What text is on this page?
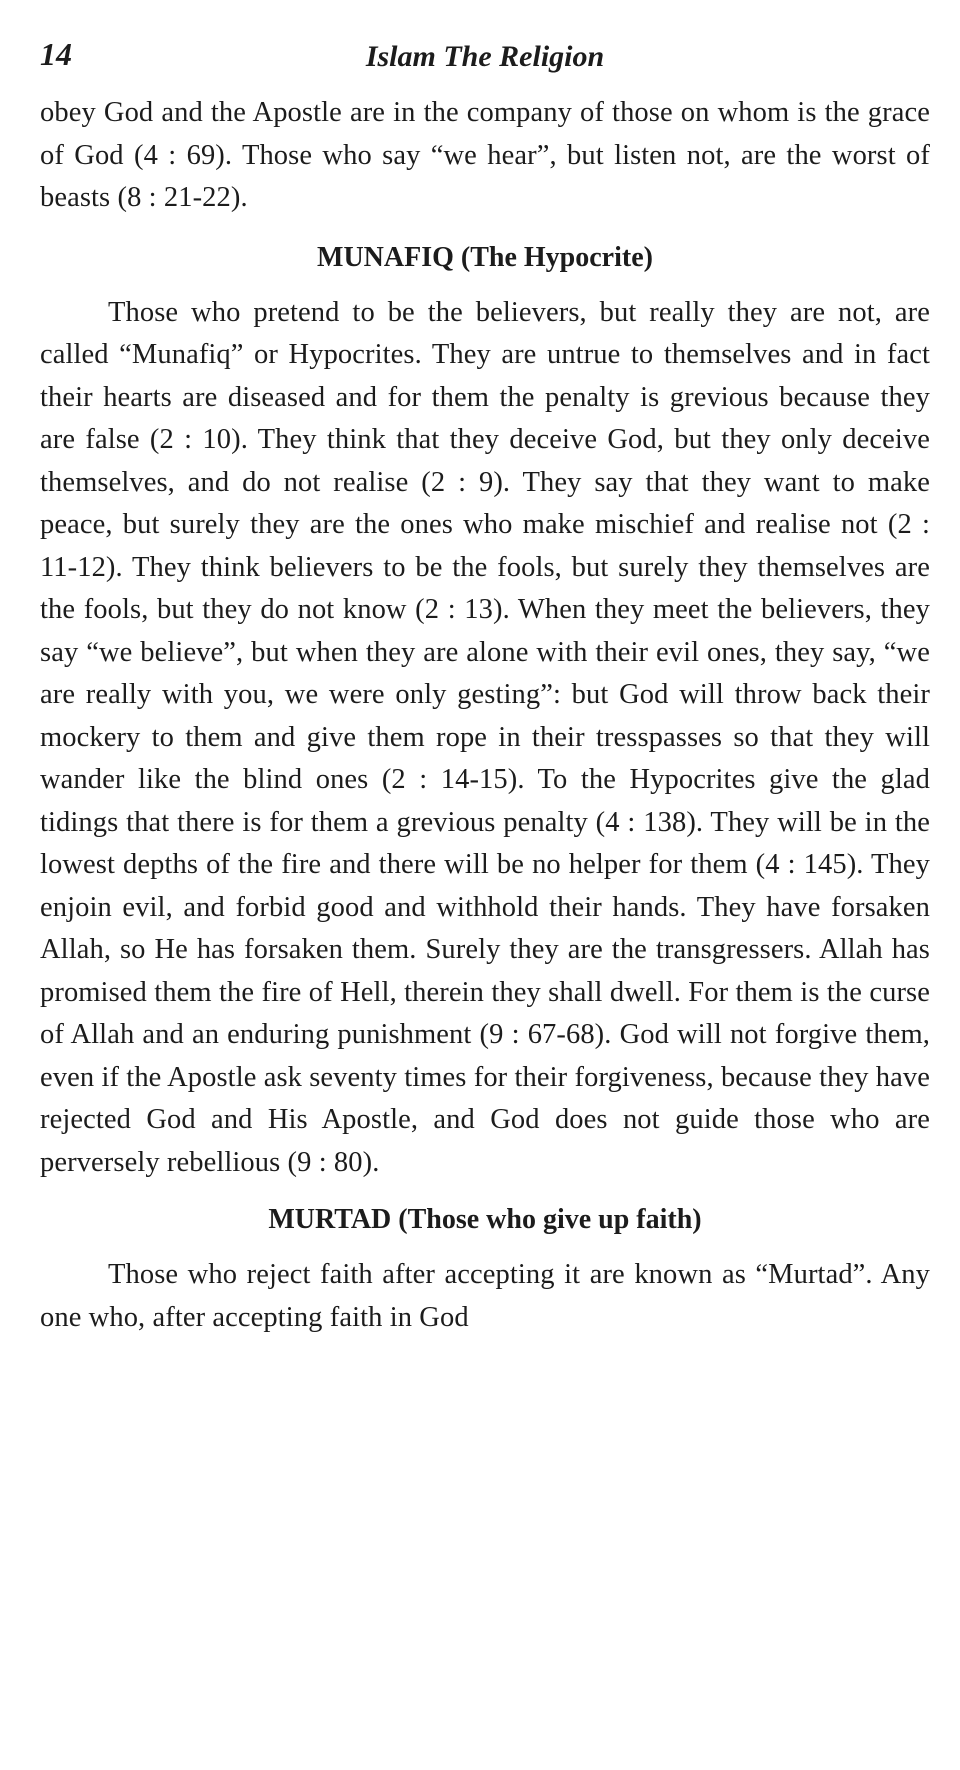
14	Islam The Religion

obey God and the Apostle are in the company of those on whom is the grace of God (4 : 69). Those who say “we hear”, but listen not, are the worst of beasts (8 : 21-22).

MUNAFIQ (The Hypocrite)

Those who pretend to be the believers, but really they are not, are called “Munafiq” or Hypocrites. They are untrue to themselves and in fact their hearts are diseased and for them the penalty is grevious because they are false (2 : 10). They think that they deceive God, but they only deceive themselves, and do not realise (2 : 9). They say that they want to make peace, but surely they are the ones who make mischief and realise not (2 : 11-12). They think believers to be the fools, but surely they themselves are the fools, but they do not know (2 : 13). When they meet the believers, they say “we believe”, but when they are alone with their evil ones, they say, “we are really with you, we were only gesting”: but God will throw back their mockery to them and give them rope in their tresspasses so that they will wander like the blind ones (2 : 14-15). To the Hypocrites give the glad tidings that there is for them a grevious penalty (4 : 138). They will be in the lowest depths of the fire and there will be no helper for them (4 : 145). They enjoin evil, and forbid good and withhold their hands. They have forsaken Allah, so He has forsaken them. Surely they are the transgressers. Allah has promised them the fire of Hell, therein they shall dwell. For them is the curse of Allah and an enduring punishment (9 : 67-68). God will not forgive them, even if the Apostle ask seventy times for their forgiveness, because they have rejected God and His Apostle, and God does not guide those who are perversely rebellious (9 : 80).

MURTAD (Those who give up faith)

Those who reject faith after accepting it are known as “Murtad”. Any one who, after accepting faith in God
